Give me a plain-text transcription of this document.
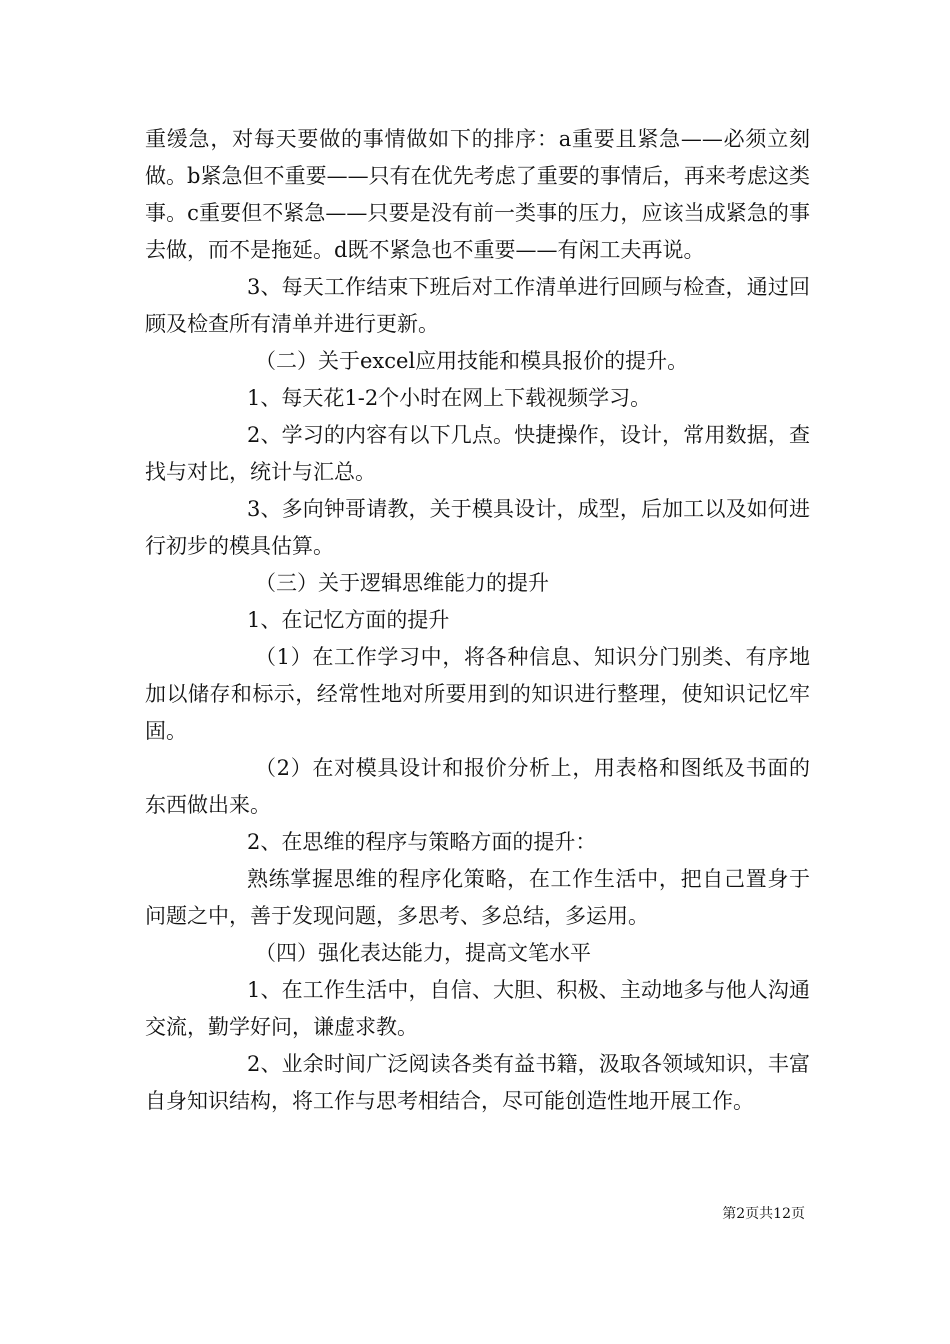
重缓急，对每天要做的事情做如下的排序：a重要且紧急——必须立刻做。b紧急但不重要——只有在优先考虑了重要的事情后，再来考虑这类事。c重要但不紧急——只要是没有前一类事的压力，应该当成紧急的事去做，而不是拖延。d既不紧急也不重要——有闲工夫再说。

3、每天工作结束下班后对工作清单进行回顾与检查，通过回顾及检查所有清单并进行更新。

（二）关于excel应用技能和模具报价的提升。

1、每天花1-2个小时在网上下载视频学习。

2、学习的内容有以下几点。快捷操作，设计，常用数据，查找与对比，统计与汇总。

3、多向钟哥请教，关于模具设计，成型，后加工以及如何进行初步的模具估算。

（三）关于逻辑思维能力的提升

1、在记忆方面的提升

（1）在工作学习中，将各种信息、知识分门别类、有序地加以储存和标示，经常性地对所要用到的知识进行整理，使知识记忆牢固。

（2）在对模具设计和报价分析上，用表格和图纸及书面的东西做出来。

2、在思维的程序与策略方面的提升：

熟练掌握思维的程序化策略，在工作生活中，把自己置身于问题之中，善于发现问题，多思考、多总结，多运用。

（四）强化表达能力，提高文笔水平

1、在工作生活中，自信、大胆、积极、主动地多与他人沟通交流，勤学好问，谦虚求教。

2、业余时间广泛阅读各类有益书籍，汲取各领域知识，丰富自身知识结构，将工作与思考相结合，尽可能创造性地开展工作。

第2页共12页
